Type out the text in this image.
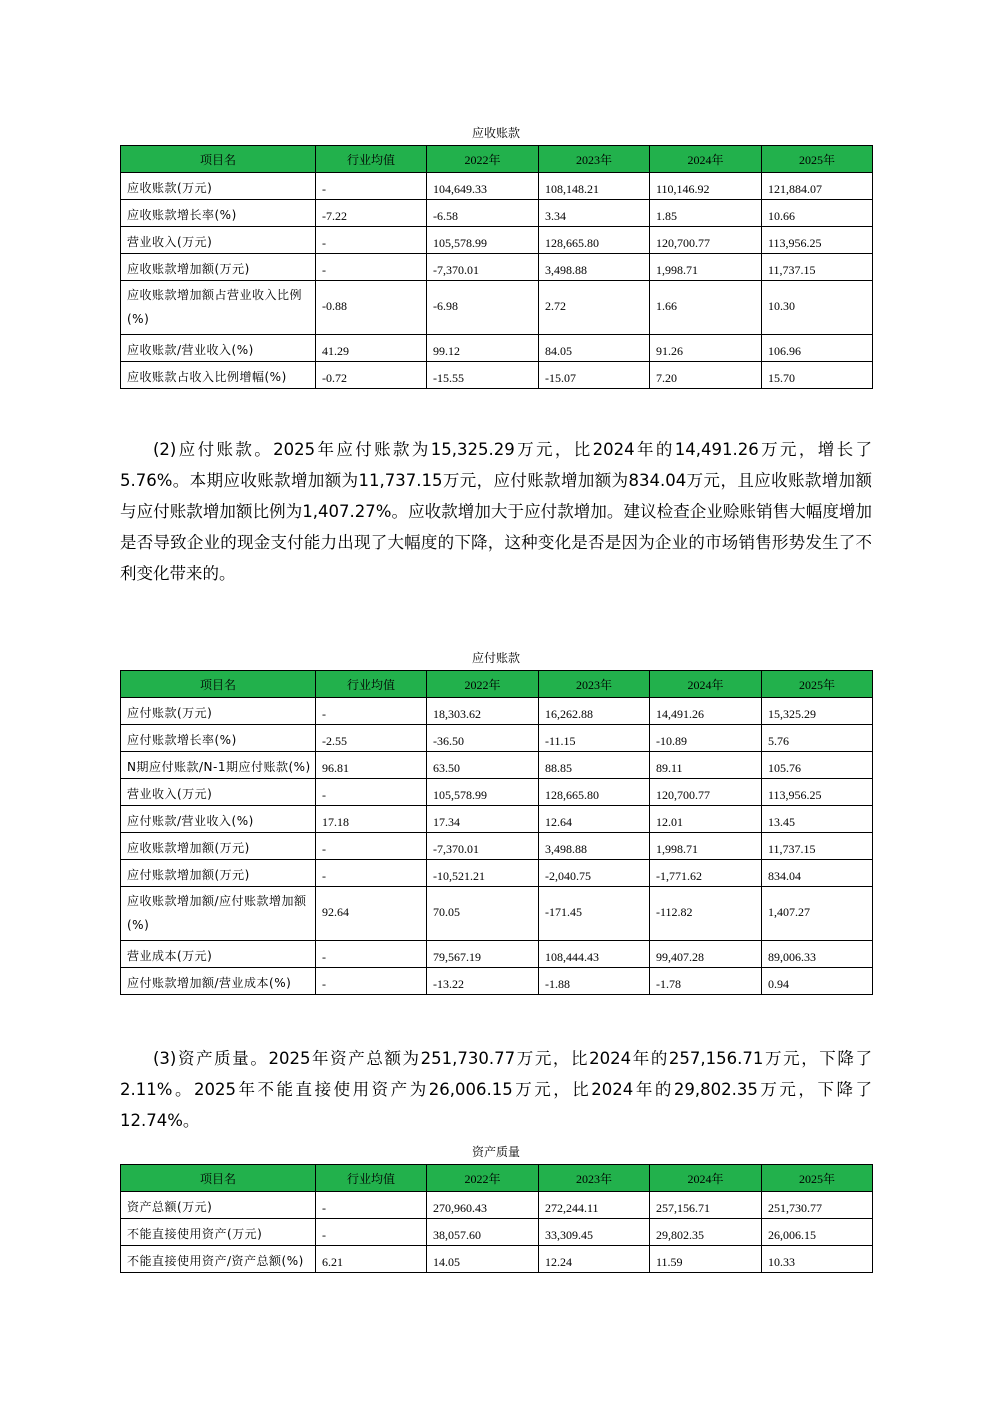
应收账款
项目名	行业均值	2022年	2023年	2024年	2025年
应收账款(万元)	-	104,649.33	108,148.21	110,146.92	121,884.07
应收账款增长率(%)	-7.22	-6.58	3.34	1.85	10.66
营业收入(万元)	-	105,578.99	128,665.80	120,700.77	113,956.25
应收账款增加额(万元)	-	-7,370.01	3,498.88	1,998.71	11,737.15
应收账款增加额占营业收入比例(%)	-0.88	-6.98	2.72	1.66	10.30
应收账款/营业收入(%)	41.29	99.12	84.05	91.26	106.96
应收账款占收入比例增幅(%)	-0.72	-15.55	-15.07	7.20	15.70
(2)应付账款。2025年应付账款为15,325.29万元，比2024年的14,491.26万元，增长了5.76%。本期应收账款增加额为11,737.15万元，应付账款增加额为834.04万元，且应收账款增加额与应付账款增加额比例为1,407.27%。应收款增加大于应付款增加。建议检查企业赊账销售大幅度增加是否导致企业的现金支付能力出现了大幅度的下降，这种变化是否是因为企业的市场销售形势发生了不利变化带来的。
应付账款
项目名	行业均值	2022年	2023年	2024年	2025年
应付账款(万元)	-	18,303.62	16,262.88	14,491.26	15,325.29
应付账款增长率(%)	-2.55	-36.50	-11.15	-10.89	5.76
N期应付账款/N-1期应付账款(%)	96.81	63.50	88.85	89.11	105.76
营业收入(万元)	-	105,578.99	128,665.80	120,700.77	113,956.25
应付账款/营业收入(%)	17.18	17.34	12.64	12.01	13.45
应收账款增加额(万元)	-	-7,370.01	3,498.88	1,998.71	11,737.15
应付账款增加额(万元)	-	-10,521.21	-2,040.75	-1,771.62	834.04
应收账款增加额/应付账款增加额(%)	92.64	70.05	-171.45	-112.82	1,407.27
营业成本(万元)	-	79,567.19	108,444.43	99,407.28	89,006.33
应付账款增加额/营业成本(%)	-	-13.22	-1.88	-1.78	0.94
(3)资产质量。2025年资产总额为251,730.77万元，比2024年的257,156.71万元，下降了2.11%。2025年不能直接使用资产为26,006.15万元，比2024年的29,802.35万元，下降了12.74%。
资产质量
项目名	行业均值	2022年	2023年	2024年	2025年
资产总额(万元)	-	270,960.43	272,244.11	257,156.71	251,730.77
不能直接使用资产(万元)	-	38,057.60	33,309.45	29,802.35	26,006.15
不能直接使用资产/资产总额(%)	6.21	14.05	12.24	11.59	10.33
